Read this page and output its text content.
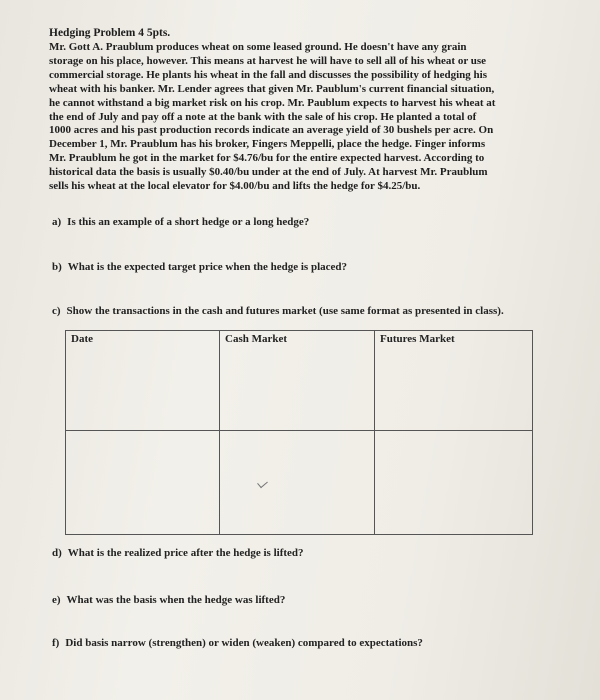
Hedging Problem 4 5pts.
Mr. Gott A. Praublum produces wheat on some leased ground. He doesn't have any grain
storage on his place, however. This means at harvest he will have to sell all of his wheat or use
commercial storage. He plants his wheat in the fall and discusses the possibility of hedging his
wheat with his banker. Mr. Lender agrees that given Mr. Paublum's current financial situation,
he cannot withstand a big market risk on his crop. Mr. Paublum expects to harvest his wheat at
the end of July and pay off a note at the bank with the sale of his crop. He planted a total of
1000 acres and his past production records indicate an average yield of 30 bushels per acre. On
December 1, Mr. Praublum has his broker, Fingers Meppelli, place the hedge. Finger informs
Mr. Praublum he got in the market for $4.76/bu for the entire expected harvest. According to
historical data the basis is usually $0.40/bu under at the end of July. At harvest Mr. Praublum
sells his wheat at the local elevator for $4.00/bu and lifts the hedge for $4.25/bu.
a) Is this an example of a short hedge or a long hedge?
b) What is the expected target price when the hedge is placed?
c) Show the transactions in the cash and futures market (use same format as presented in class).
Date	Cash Market	Futures Market
d) What is the realized price after the hedge is lifted?
e) What was the basis when the hedge was lifted?
f) Did basis narrow (strengthen) or widen (weaken) compared to expectations?
